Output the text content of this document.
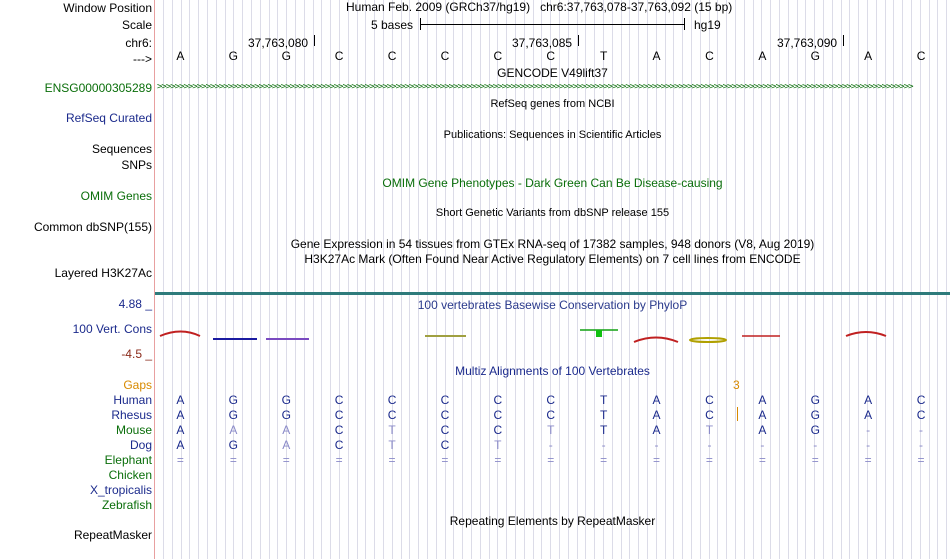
Window Position
Scale
chr6:
--->
Human Feb. 2009 (GRCh37/hg19)   chr6:37,763,078-37,763,092 (15 bp)
5 bases	hg19
37,763,080	37,763,085	37,763,090
A	G	G	C	C	C	C	C	T	A	C	A	G	A	C
GENCODE V49lift37
ENSG00000305289 >>>>>>>>>>>>>>>>>>>>>>>>>>>>>>>>>>>>>>>>>>>>>>>>>>>>>>>>>>>>>>>>>>>>>>>>>>>>>>>>>>>>>>>>>>>>>>>>>>>>>>>>>>>>>>>>>>>>>>>>>>>>>>>>>>>>>>>>>>>>>>>>>>>>>>>>>>>>>>>>>>>>>>>>>>>
RefSeq genes from NCBI
RefSeq Curated
Publications: Sequences in Scientific Articles
Sequences
SNPs
OMIM Gene Phenotypes - Dark Green Can Be Disease-causing
OMIM Genes
Short Genetic Variants from dbSNP release 155
Common dbSNP(155)
Gene Expression in 54 tissues from GTEx RNA-seq of 17382 samples, 948 donors (V8, Aug 2019)
H3K27Ac Mark (Often Found Near Active Regulatory Elements) on 7 cell lines from ENCODE
Layered H3K27Ac
100 vertebrates Basewise Conservation by PhyloP
4.88 _
100 Vert. Cons
-4.5 _
Multiz Alignments of 100 Vertebrates
Gaps	3
Human	A	G	G	C	C	C	C	C	T	A	C	A	G	A	C
Rhesus	A	G	G	C	C	C	C	C	T	A	C	A	G	A	C
Mouse	A	A	A	C	T	C	C	T	T	A	T	A	G	-	-
Dog	A	G	A	C	T	C	T	-	-	-	-	-	-	-	-
Elephant	=	=	=	=	=	=	=	=	=	=	=	=	=	=	=
Chicken
X_tropicalis
Zebrafish
Repeating Elements by RepeatMasker
RepeatMasker
